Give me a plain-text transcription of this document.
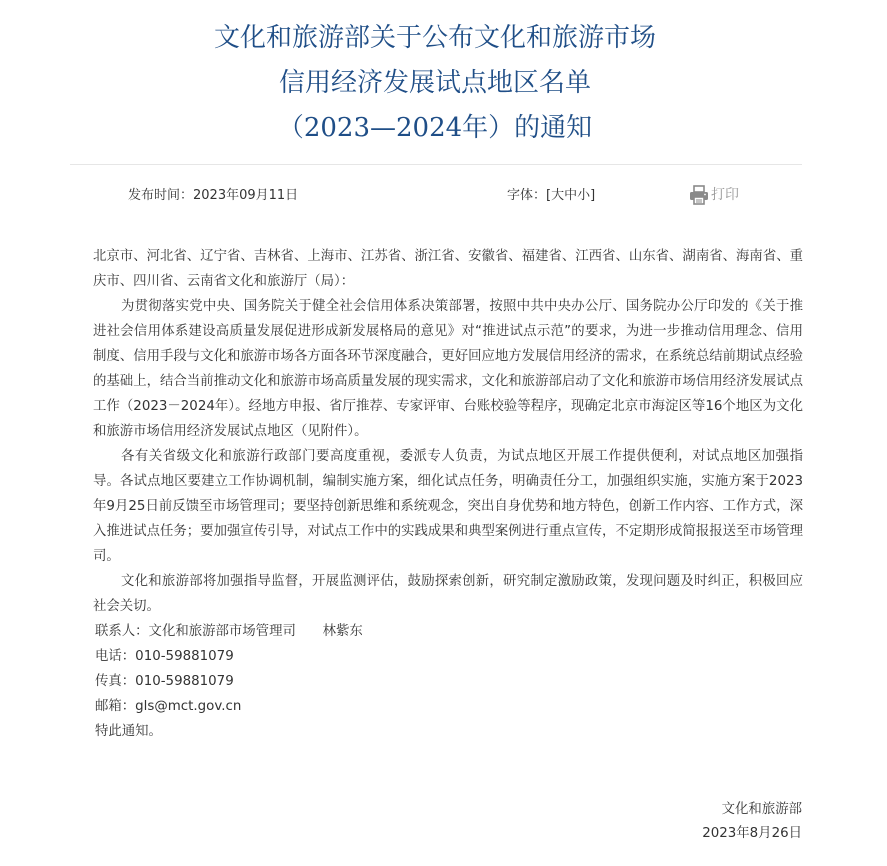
文化和旅游部关于公布文化和旅游市场
信用经济发展试点地区名单
（2023—2024年）的通知
发布时间：2023年09月11日	字体：[大中小]	打印

北京市、河北省、辽宁省、吉林省、上海市、江苏省、浙江省、安徽省、福建省、江西省、山东省、湖南省、海南省、重庆市、四川省、云南省文化和旅游厅（局）：

为贯彻落实党中央、国务院关于健全社会信用体系决策部署，按照中共中央办公厅、国务院办公厅印发的《关于推进社会信用体系建设高质量发展促进形成新发展格局的意见》对“推进试点示范”的要求，为进一步推动信用理念、信用制度、信用手段与文化和旅游市场各方面各环节深度融合，更好回应地方发展信用经济的需求，在系统总结前期试点经验的基础上，结合当前推动文化和旅游市场高质量发展的现实需求，文化和旅游部启动了文化和旅游市场信用经济发展试点工作（2023－2024年）。经地方申报、省厅推荐、专家评审、台账校验等程序，现确定北京市海淀区等16个地区为文化和旅游市场信用经济发展试点地区（见附件）。

各有关省级文化和旅游行政部门要高度重视，委派专人负责，为试点地区开展工作提供便利，对试点地区加强指导。各试点地区要建立工作协调机制，编制实施方案，细化试点任务，明确责任分工，加强组织实施，实施方案于2023年9月25日前反馈至市场管理司；要坚持创新思维和系统观念，突出自身优势和地方特色，创新工作内容、工作方式，深入推进试点任务；要加强宣传引导，对试点工作中的实践成果和典型案例进行重点宣传，不定期形成简报报送至市场管理司。

文化和旅游部将加强指导监督，开展监测评估，鼓励探索创新，研究制定激励政策，发现问题及时纠正，积极回应社会关切。

联系人：文化和旅游部市场管理司　　林紫东

电话：010-59881079

传真：010-59881079

邮箱：gls@mct.gov.cn

特此通知。

文化和旅游部
2023年8月26日
